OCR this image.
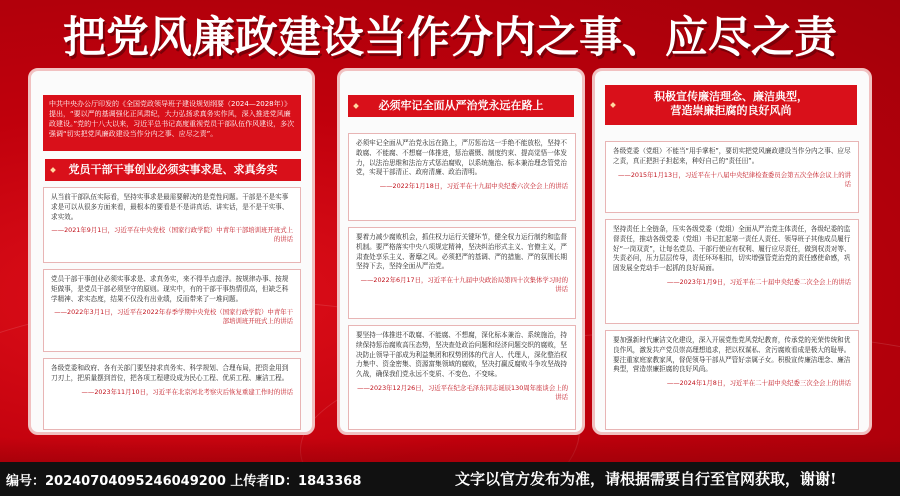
把党风廉政建设当作分内之事、应尽之责
中共中央办公厅印发的《全国党政领导班子建设规划纲要（2024—2028年）》提出，“要以严的基调强化正风肃纪，大力弘扬求真务实作风，深入推进党风廉政建设。”党的十八大以来，习近平总书记高度重视党员干部队伍作风建设，多次强调“切实把党风廉政建设当作分内之事、应尽之责”。
党员干部干事创业必须实事求是、求真务实
从当前干部队伍实际看，坚持实事求是最需要解决的是党性问题。干部是不是实事求是可以从很多方面来看，最根本的要看是不是讲真话、讲实话，是不是干实事、求实效。
——2021年9月1日，习近平在中央党校（国家行政学院）中青年干部培训班开班式上的讲话
党员干部干事创业必须实事求是、求真务实，来不得半点虚浮。按规律办事、按规矩做事，是党员干部必须坚守的原则。现实中，有的干部干事热情很高，但缺乏科学精神、求实态度，结果不仅没有出业绩，反而带来了一堆问题。
——2022年3月1日，习近平在2022年春季学期中央党校（国家行政学院）中青年干部培训班开班式上的讲话
各级党委和政府、各有关部门要坚持求真务实、科学规划、合理布局，把资金用到刀刃上，把质量摆到首位，把各项工程建设成为民心工程、优质工程、廉洁工程。
——2023年11月10日，习近平在北京河北考察灾后恢复重建工作时的讲话
必须牢记全面从严治党永远在路上
必须牢记全面从严治党永远在路上，严厉惩治这一手绝不能放松，坚持不敢腐、不能腐、不想腐一体推进，惩治震慑、制度约束、提高觉悟一体发力，以法治思维和法治方式惩治腐败，以系统施治、标本兼治理念管党治党，实现干部清正、政府清廉、政治清明。
——2022年1月18日，习近平在十九届中央纪委六次全会上的讲话
要着力减少腐败机会，抓住权力运行关键环节，健全权力运行制约和监督机制。要严格落实中央八项规定精神，坚决纠治形式主义、官僚主义，严肃查处享乐主义、奢靡之风。必须把严的基调、严的措施、严的氛围长期坚持下去，坚持全面从严治党。
——2022年6月17日，习近平在十九届中央政治局第四十次集体学习时的讲话
要坚持一体推进不敢腐、不能腐、不想腐，深化标本兼治、系统施治，持续保持惩治腐败高压态势，坚决查处政治问题和经济问题交织的腐败，坚决防止领导干部成为利益集团和权势团体的代言人、代理人，深化整治权力集中、资金密集、资源富集领域的腐败，坚决打赢反腐败斗争攻坚战持久战，确保我们党永远不变质、不变色、不变味。
——2023年12月26日，习近平在纪念毛泽东同志诞辰130周年座谈会上的讲话
积极宣传廉洁理念、廉洁典型，
营造崇廉拒腐的良好风尚
各级党委（党组）不能当“用手掌柜”，要切实把党风廉政建设当作分内之事、应尽之责，真正把担子担起来，种好自己的“责任田”。
——2015年1月13日，习近平在十八届中央纪律检查委员会第五次全体会议上的讲话
坚持责任上全链条，压实各级党委（党组）全面从严治党主体责任，各级纪委的监督责任，推动各级党委（党组）书记扛起第一责任人责任、领导班子其他成员履行好“一岗双责”，让每名党员、干部行使应有权利、履行应尽责任，做到权责对等、失责必问，压力层层传导，责任环环相扣，切实增强管党治党的责任感使命感，巩固发展全党动手一起抓的良好局面。
——2023年1月9日，习近平在二十届中央纪委二次全会上的讲话
要加强新时代廉洁文化建设，深入开展党性党风党纪教育，传承党的光荣传统和优良作风，激发共产党员崇高理想追求，把以权谋私、贪污腐败看成是极大的耻辱。要注重家庭家教家风，督促领导干部从严管好亲属子女。积极宣传廉洁理念、廉洁典型，营造崇廉拒腐的良好风尚。
——2024年1月8日，习近平在二十届中央纪委三次全会上的讲话
编号：20240704095246049200 上传者ID：1843368	文字以官方发布为准，请根据需要自行至官网获取，谢谢!
